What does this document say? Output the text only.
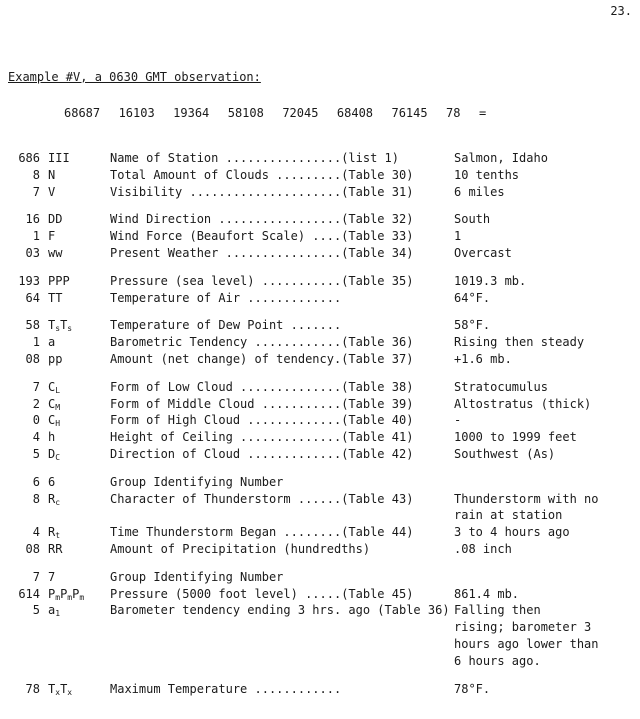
23.
Example #V, a 0630 GMT observation:
68687 16103 19364 58108 72045 68408 76145 78 =
686 III	Name of Station ................(list 1)	Salmon, Idaho
8 N	Total Amount of Clouds .........(Table 30)	10 tenths
7 V	Visibility .....................(Table 31)	6 miles
16 DD	Wind Direction .................(Table 32)	South
1 F	Wind Force (Beaufort Scale) ....(Table 33)	1
03 ww	Present Weather ................(Table 34)	Overcast
193 PPP	Pressure (sea level) ...........(Table 35)	1019.3 mb.
64 TT	Temperature of Air .............	64°F.
58 $T_sT_s$	Temperature of Dew Point .......	58°F.
1 a	Barometric Tendency ............(Table 36)	Rising then steady
08 pp	Amount (net change) of tendency.(Table 37)	+1.6 mb.
7 $C_L$	Form of Low Cloud ..............(Table 38)	Stratocumulus
2 $C_M$	Form of Middle Cloud ...........(Table 39)	Altostratus (thick)
0 $C_H$	Form of High Cloud .............(Table 40)	-
4 h	Height of Ceiling ..............(Table 41)	1000 to 1999 feet
5 $D_C$	Direction of Cloud .............(Table 42)	Southwest (As)
6 6	Group Identifying Number
8 $R_c$	Character of Thunderstorm ......(Table 43)	Thunderstorm with no
rain at station
4 $R_t$	Time Thunderstorm Began ........(Table 44)	3 to 4 hours ago
08 RR	Amount of Precipitation (hundredths)	.08 inch
7 7	Group Identifying Number
614 $P_mP_mP_m$ Pressure (5000 foot level) .....(Table 45)	861.4 mb.
5 $a_1$	Barometer tendency ending 3 hrs. ago (Table 36) Falling then
rising; barometer 3
hours ago lower than
6 hours ago.
78 $T_xT_x$	Maximum Temperature ............	78°F.
